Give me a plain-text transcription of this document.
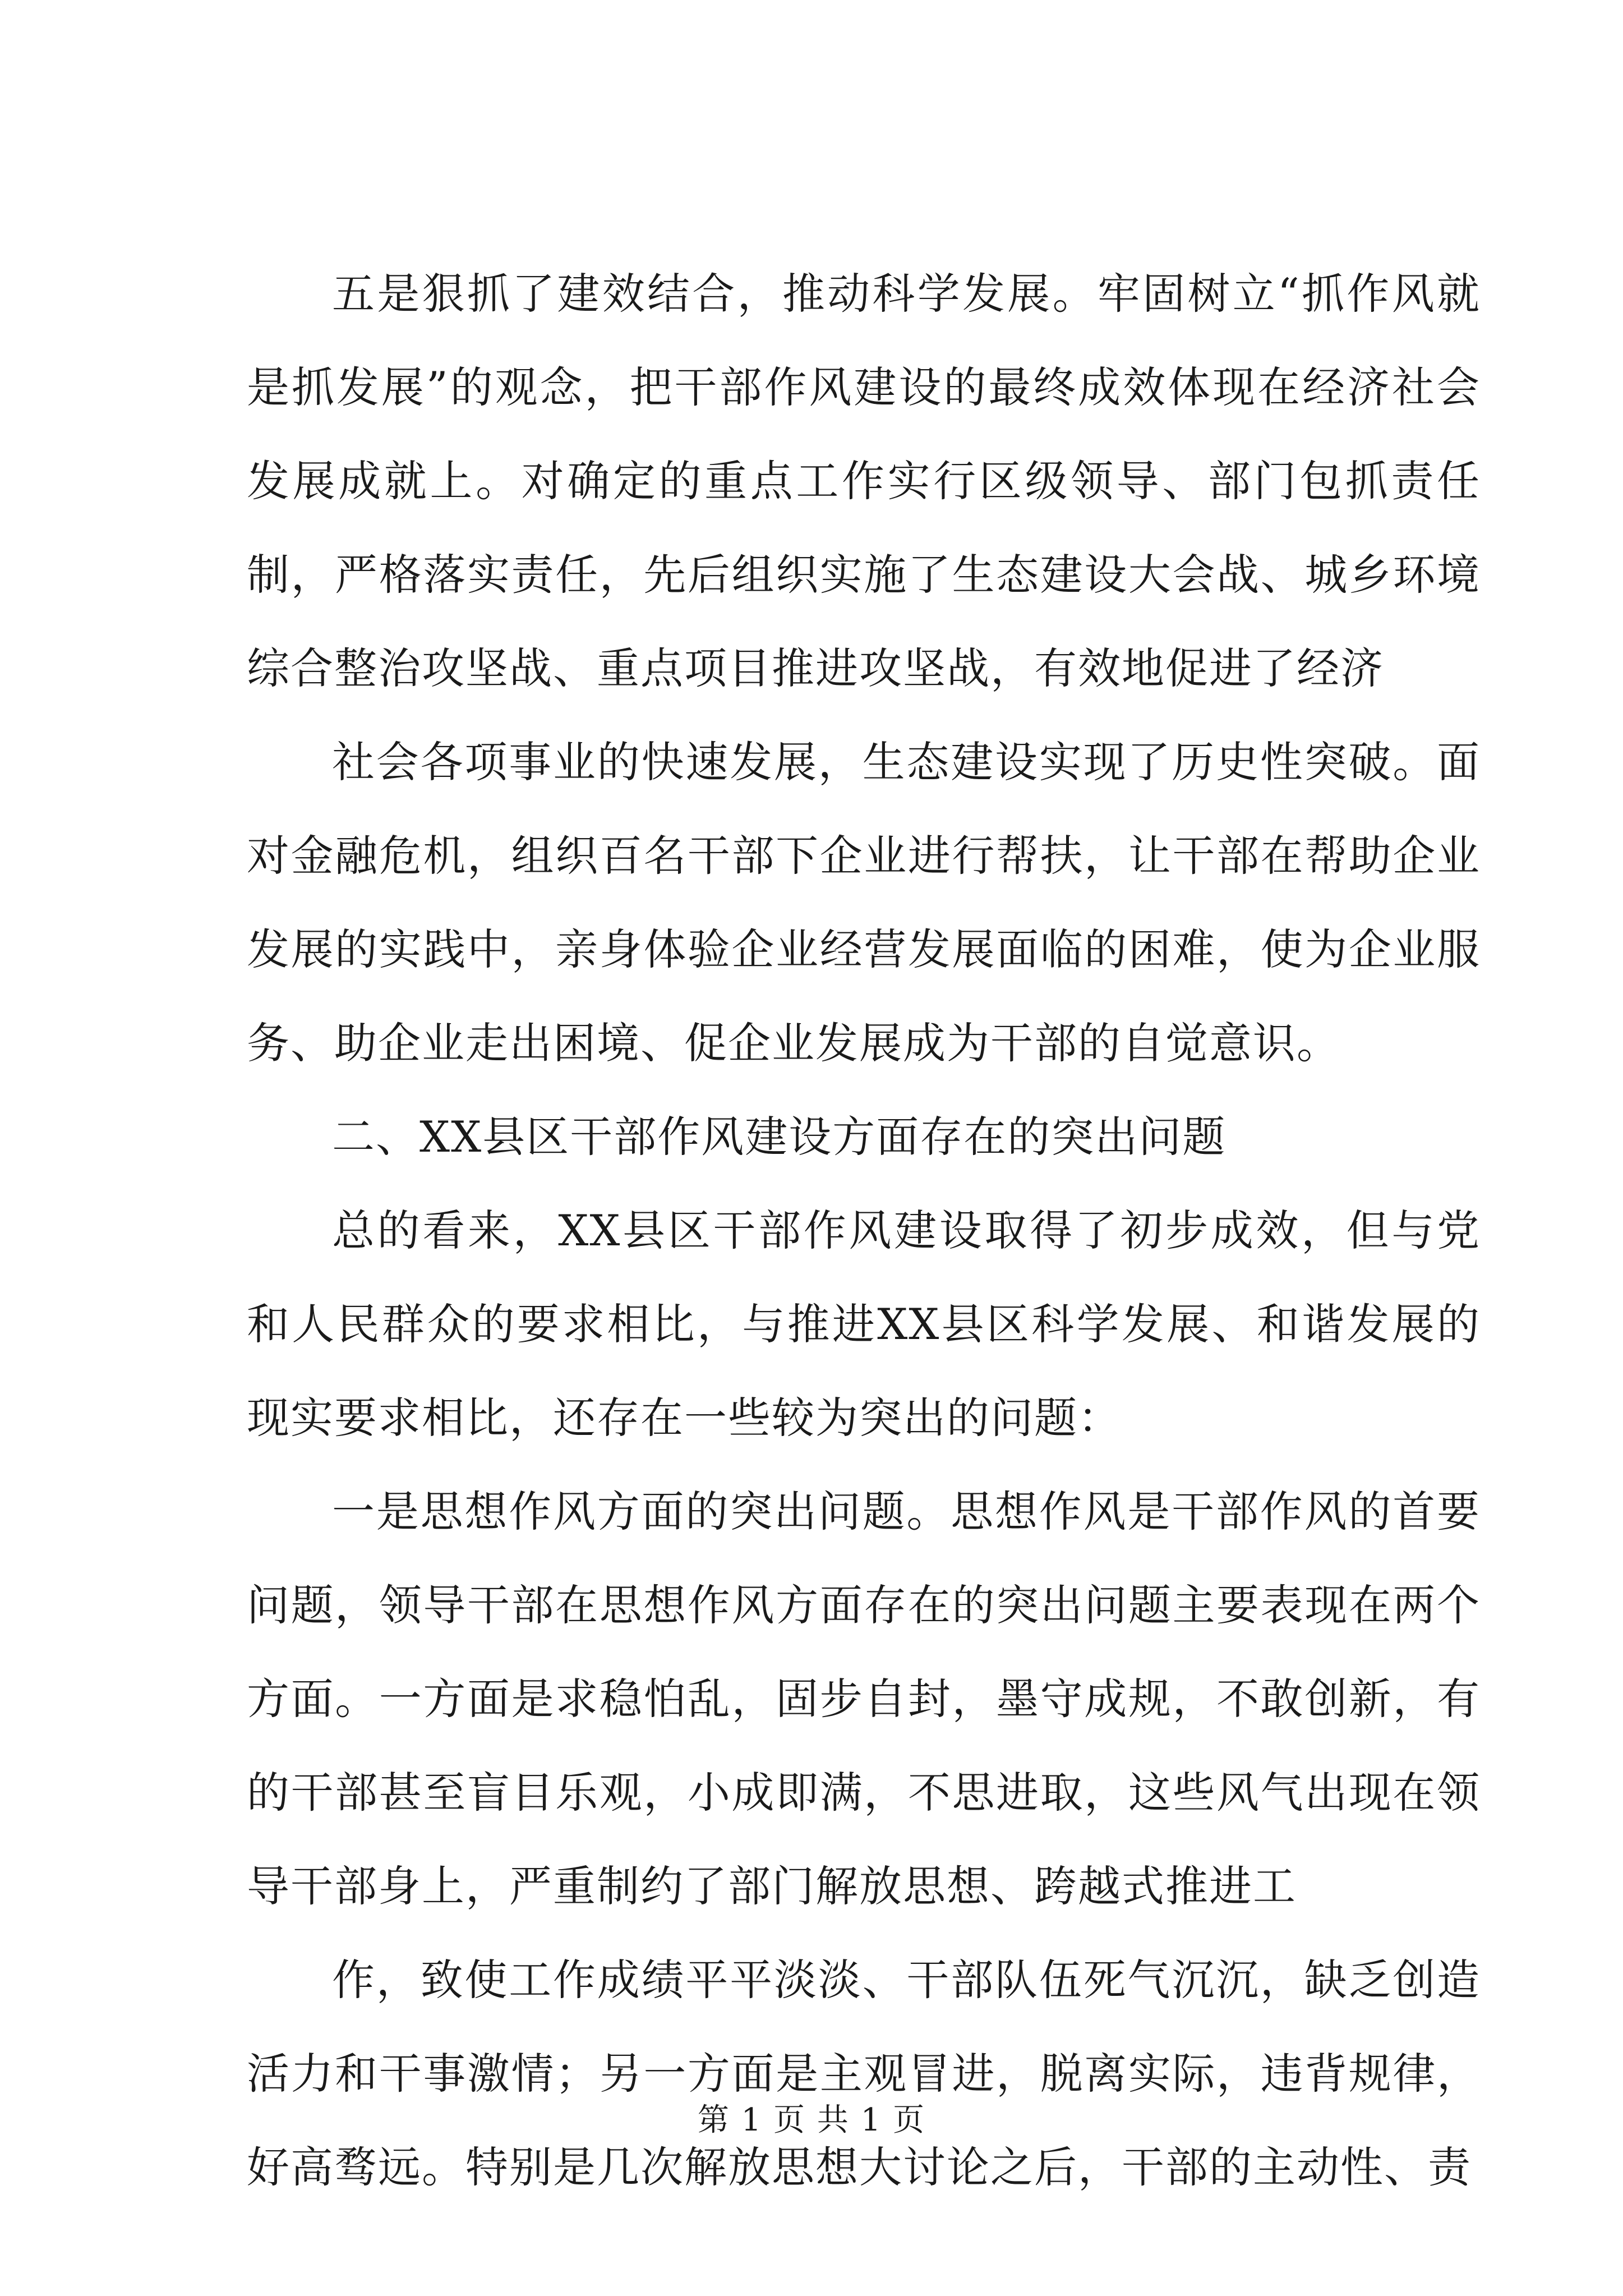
五是狠抓了建效结合，推动科学发展。牢固树立“抓作风就是抓发展”的观念，把干部作风建设的最终成效体现在经济社会发展成就上。对确定的重点工作实行区级领导、部门包抓责任制，严格落实责任，先后组织实施了生态建设大会战、城乡环境综合整治攻坚战、重点项目推进攻坚战，有效地促进了经济

社会各项事业的快速发展，生态建设实现了历史性突破。面对金融危机，组织百名干部下企业进行帮扶，让干部在帮助企业发展的实践中，亲身体验企业经营发展面临的困难，使为企业服务、助企业走出困境、促企业发展成为干部的自觉意识。

二、XX县区干部作风建设方面存在的突出问题

总的看来，XX县区干部作风建设取得了初步成效，但与党和人民群众的要求相比，与推进XX县区科学发展、和谐发展的现实要求相比，还存在一些较为突出的问题：

一是思想作风方面的突出问题。思想作风是干部作风的首要问题，领导干部在思想作风方面存在的突出问题主要表现在两个方面。一方面是求稳怕乱，固步自封，墨守成规，不敢创新，有的干部甚至盲目乐观，小成即满，不思进取，这些风气出现在领导干部身上，严重制约了部门解放思想、跨越式推进工

作，致使工作成绩平平淡淡、干部队伍死气沉沉，缺乏创造活力和干事激情；另一方面是主观冒进，脱离实际，违背规律，好高骛远。特别是几次解放思想大讨论之后，干部的主动性、责

第 1 页 共 1 页
